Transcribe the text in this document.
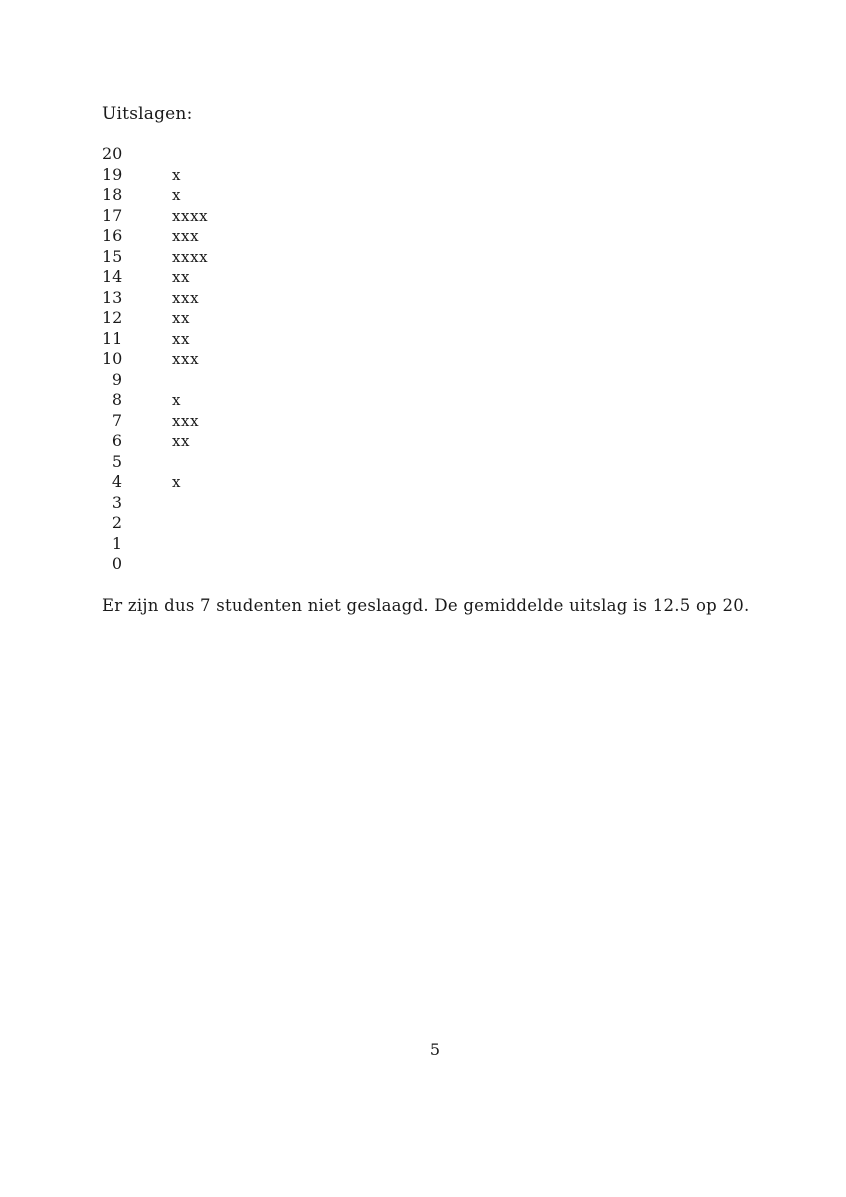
Uitslagen:
20
19	x
18	x
17	xxxx
16	xxx
15	xxxx
14	xx
13	xxx
12	xx
11	xx
10	xxx
9
8	x
7	xxx
6	xx
5
4	x
3
2
1
0
Er zijn dus 7 studenten niet geslaagd. De gemiddelde uitslag is 12.5 op 20.
5
